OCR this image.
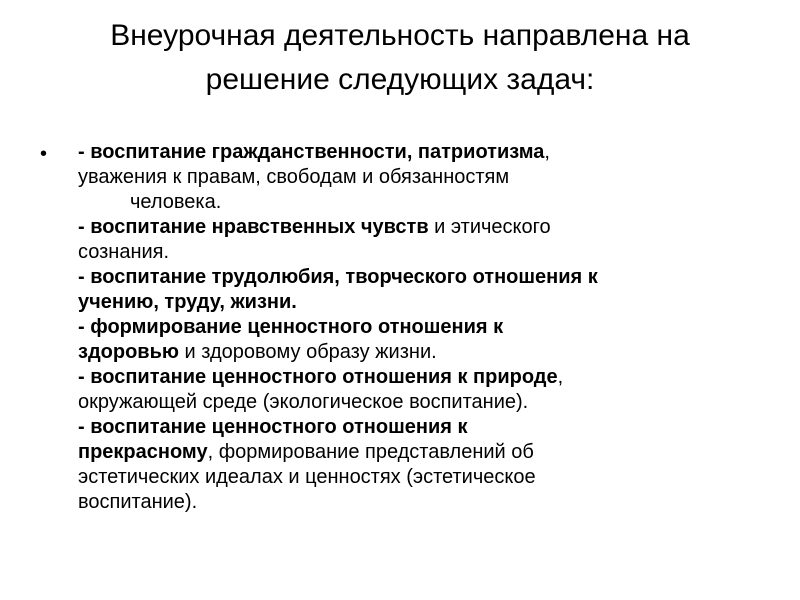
Внеурочная деятельность направлена на
решение следующих задач:
• - воспитание гражданственности, патриотизма,
уважения к правам, свободам и обязанностям
человека.
- воспитание нравственных чувств и этического
сознания.
- воспитание трудолюбия, творческого отношения к
учению, труду, жизни.
- формирование ценностного отношения к
здоровью и здоровому образу жизни.
- воспитание ценностного отношения к природе,
окружающей среде (экологическое воспитание).
- воспитание ценностного отношения к
прекрасному, формирование представлений об
эстетических идеалах и ценностях (эстетическое
воспитание).
